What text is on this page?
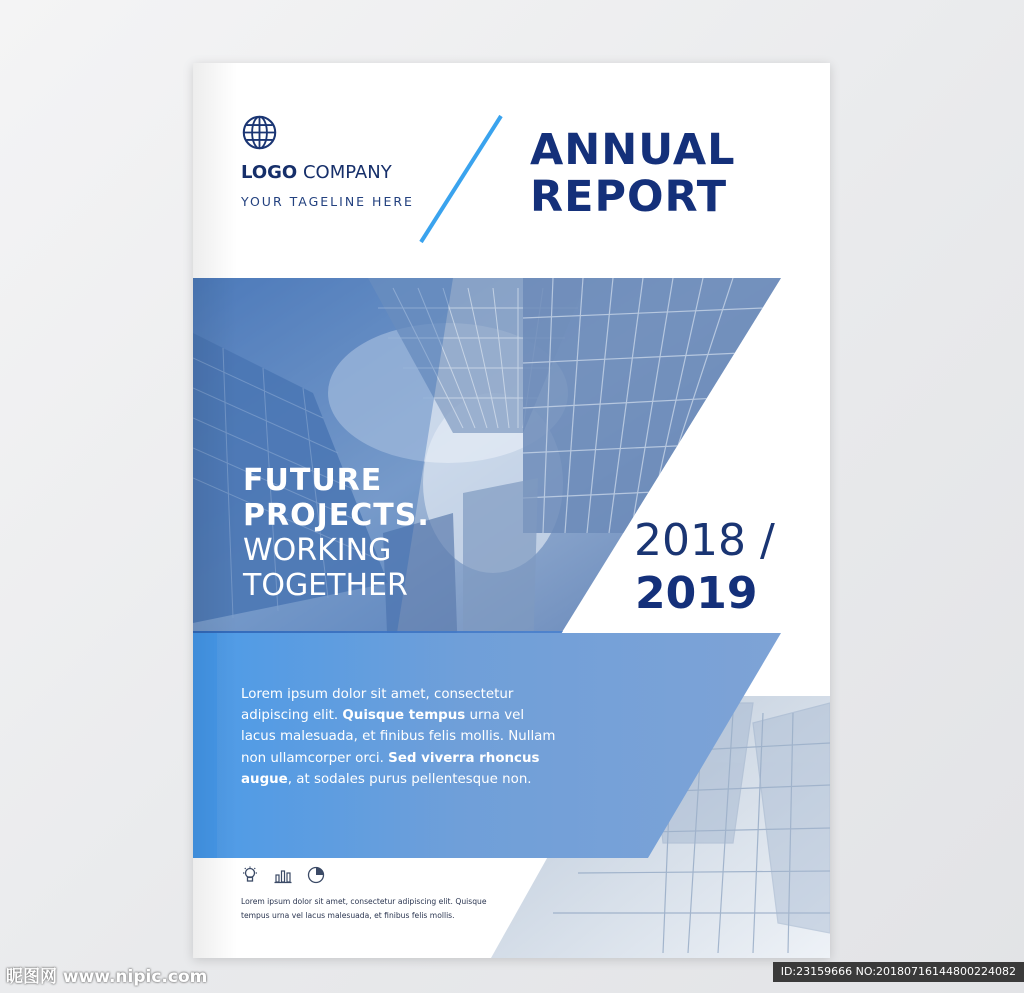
LOGO COMPANY
YOUR TAGELINE HERE
ANNUAL
REPORT
FUTURE
PROJECTS.
WORKING
TOGETHER
2018 /
2019
Lorem ipsum dolor sit amet, consectetur adipiscing elit. Quisque tempus urna vel lacus malesuada, et finibus felis mollis. Nullam non ullamcorper orci. Sed viverra rhoncus augue, at sodales purus pellentesque non.

Lorem ipsum dolor sit amet, consectetur adipiscing elit. Quisque tempus urna vel lacus malesuada, et finibus felis mollis.
昵图网 www.nipic.com	ID:23159666 NO:20180716144800224082
